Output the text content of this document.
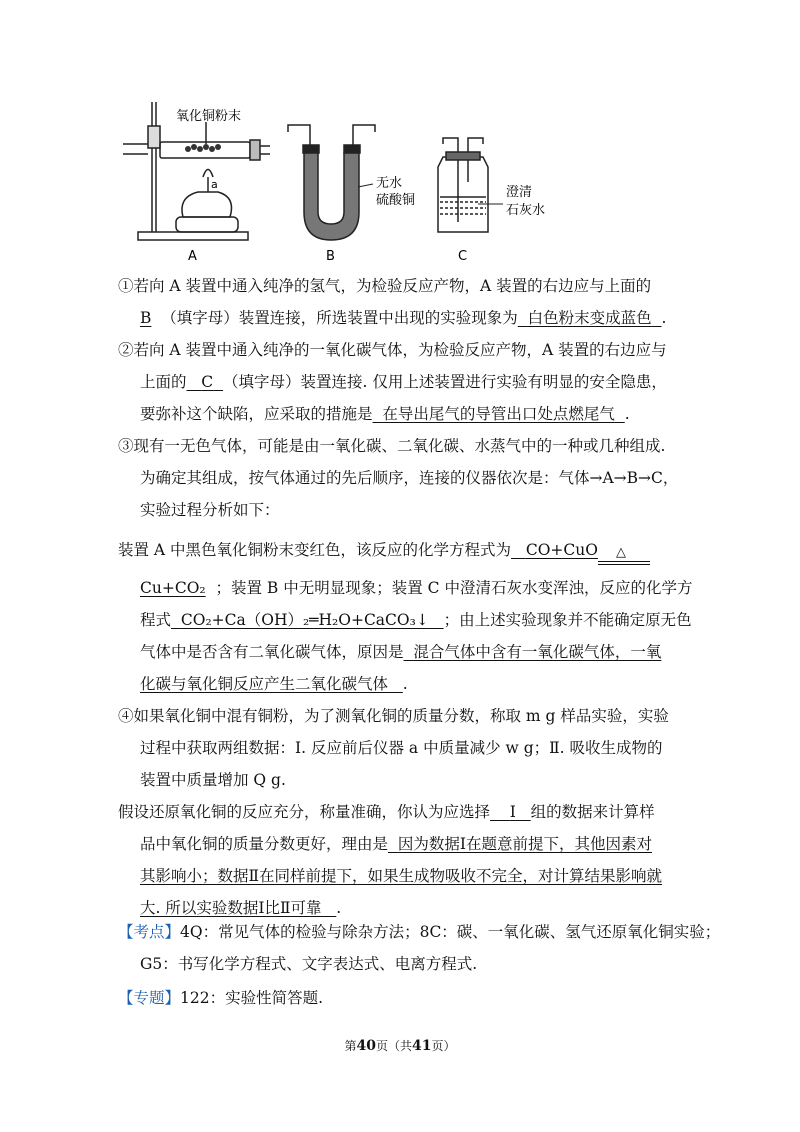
氧化铜粉末
a
A
无水
硫酸铜
B
澄清
石灰水
C
①若向 A 装置中通入纯净的氢气，为检验反应产物，A 装置的右边应与上面的
B （填字母）装置连接，所选装置中出现的实验现象为 白色粉末变成蓝色 .
②若向 A 装置中通入纯净的一氧化碳气体，为检验反应产物，A 装置的右边应与
上面的 C （填字母）装置连接. 仅用上述装置进行实验有明显的安全隐患，
要弥补这个缺陷，应采取的措施是 在导出尾气的导管出口处点燃尾气 .
③现有一无色气体，可能是由一氧化碳、二氧化碳、水蒸气中的一种或几种组成.
为确定其组成，按气体通过的先后顺序，连接的仪器依次是：气体→A→B→C，
实验过程分析如下：
装置 A 中黑色氧化铜粉末变红色，该反应的化学方程式为 CO+CuO △
Cu+CO₂ ；装置 B 中无明显现象；装置 C 中澄清石灰水变浑浊，反应的化学方
程式 CO₂+Ca（OH）₂═H₂O+CaCO₃↓ ；由上述实验现象并不能确定原无色
气体中是否含有二氧化碳气体，原因是 混合气体中含有一氧化碳气体，一氧
化碳与氧化铜反应产生二氧化碳气体 .
④如果氧化铜中混有铜粉，为了测氧化铜的质量分数，称取 m g 样品实验，实验
过程中获取两组数据：Ⅰ. 反应前后仪器 a 中质量减少 w g；Ⅱ. 吸收生成物的
装置中质量增加 Q g.
假设还原氧化铜的反应充分，称量准确，你认为应选择 Ⅰ 组的数据来计算样
品中氧化铜的质量分数更好，理由是 因为数据Ⅰ在题意前提下，其他因素对
其影响小；数据Ⅱ在同样前提下，如果生成物吸收不完全，对计算结果影响就
大. 所以实验数据Ⅰ比Ⅱ可靠 .
【考点】4Q：常见气体的检验与除杂方法；8C：碳、一氧化碳、氢气还原氧化铜实验；
G5：书写化学方程式、文字表达式、电离方程式.
【专题】122：实验性简答题.
第40页（共41页）
